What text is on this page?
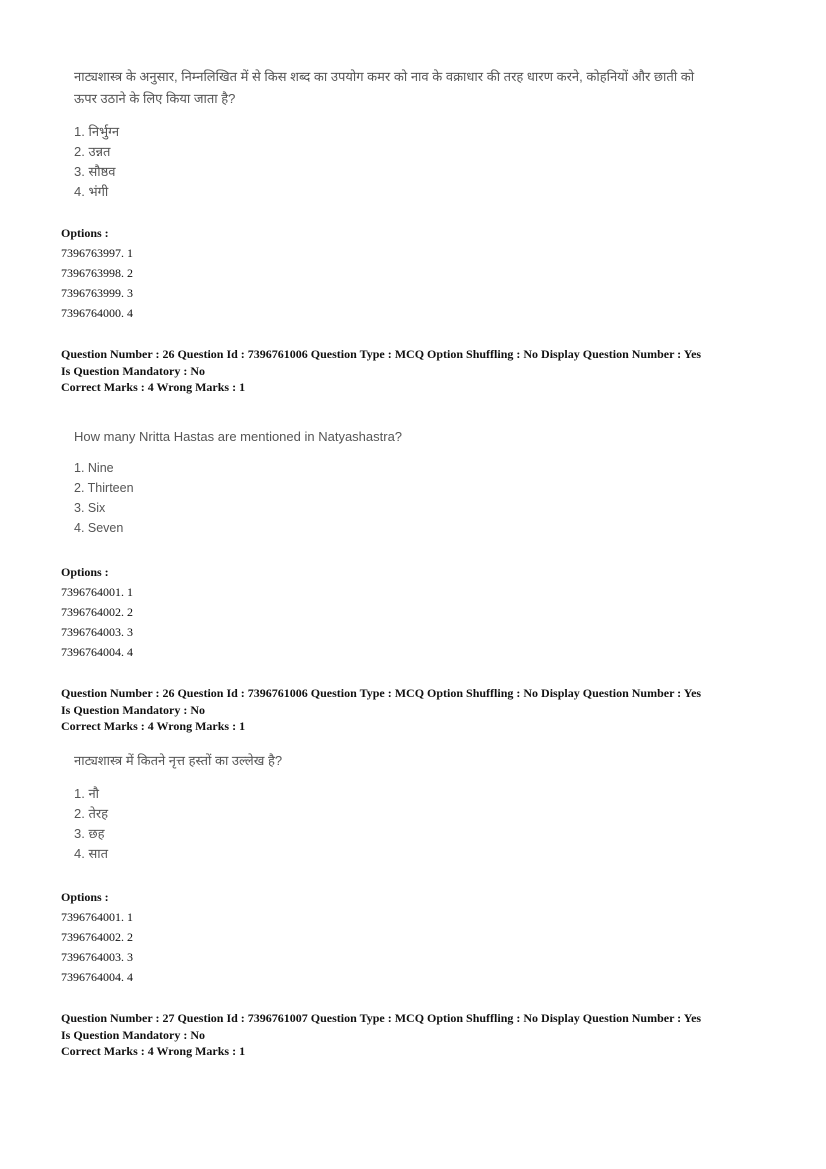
नाट्यशास्त्र के अनुसार, निम्नलिखित में से किस शब्द का उपयोग कमर को नाव के वक्राधार की तरह धारण करने, कोहनियों और छाती को
ऊपर उठाने के लिए किया जाता है?
1. निर्भुग्न
2. उन्नत
3. सौष्ठव
4. भंगी
Options :
7396763997. 1
7396763998. 2
7396763999. 3
7396764000. 4
Question Number : 26 Question Id : 7396761006 Question Type : MCQ Option Shuffling : No Display Question Number : Yes
Is Question Mandatory : No
Correct Marks : 4 Wrong Marks : 1
How many Nritta Hastas are mentioned in Natyashastra?
1. Nine
2. Thirteen
3. Six
4. Seven
Options :
7396764001. 1
7396764002. 2
7396764003. 3
7396764004. 4
Question Number : 26 Question Id : 7396761006 Question Type : MCQ Option Shuffling : No Display Question Number : Yes
Is Question Mandatory : No
Correct Marks : 4 Wrong Marks : 1
नाट्यशास्त्र में कितने नृत्त हस्तों का उल्लेख है?
1. नौ
2. तेरह
3. छह
4. सात
Options :
7396764001. 1
7396764002. 2
7396764003. 3
7396764004. 4
Question Number : 27 Question Id : 7396761007 Question Type : MCQ Option Shuffling : No Display Question Number : Yes
Is Question Mandatory : No
Correct Marks : 4 Wrong Marks : 1
